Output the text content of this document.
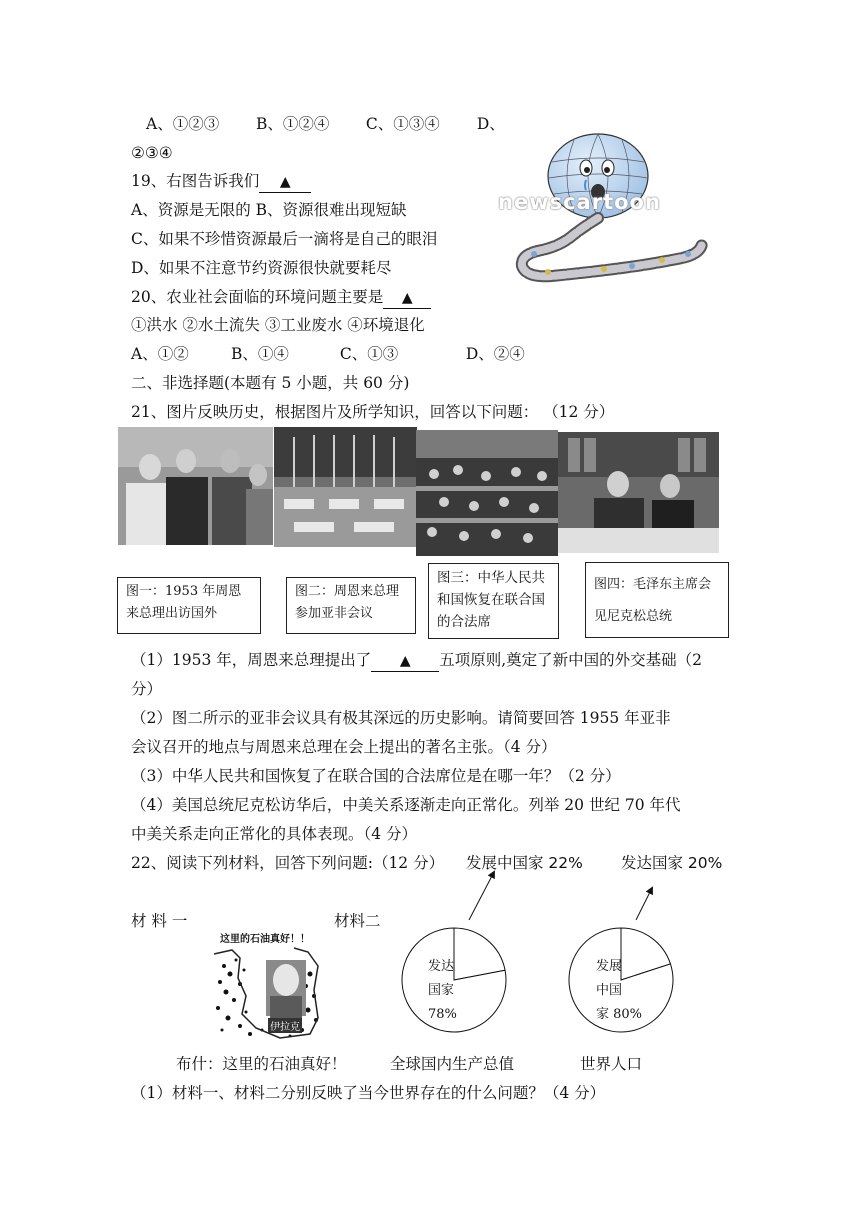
A、①②③ B、①②④ C、①③④ D、
②③④
19、右图告诉我们 ▲
A、资源是无限的 B、资源很难出现短缺
C、如果不珍惜资源最后一滴将是自己的眼泪
D、如果不注意节约资源很快就要耗尽
newscartoon
20、农业社会面临的环境问题主要是 ▲
①洪水 ②水土流失 ③工业废水 ④环境退化
A、①②	B、①④	C、①③	D、②④
二、非选择题(本题有 5 小题，共 60 分)
21、图片反映历史，根据图片及所学知识，回答以下问题： （12 分）
图一：1953 年周恩来总理出访国外
图二：周恩来总理参加亚非会议
图三：中华人民共和国恢复在联合国的合法席
图四：毛泽东主席会见尼克松总统
（1）1953 年，周恩来总理提出了 ▲ 五项原则,奠定了新中国的外交基础（2
分）
（2）图二所示的亚非会议具有极其深远的历史影响。请简要回答 1955 年亚非
会议召开的地点与周恩来总理在会上提出的著名主张。（4 分）
（3）中华人民共和国恢复了在联合国的合法席位是在哪一年？（2 分）
（4）美国总统尼克松访华后，中美关系逐渐走向正常化。列举 20 世纪 70 年代
中美关系走向正常化的具体表现。（4 分）
22、阅读下列材料，回答下列问题:（12 分）
材 料 一	材料二
这里的石油真好！！
伊拉克
发展中国家 22%
发达
国家
78%
发达国家 20%
发展
中国
家 80%
布什：这里的石油真好！	全球国内生产总值	世界人口
（1）材料一、材料二分别反映了当今世界存在的什么问题？（4 分）
